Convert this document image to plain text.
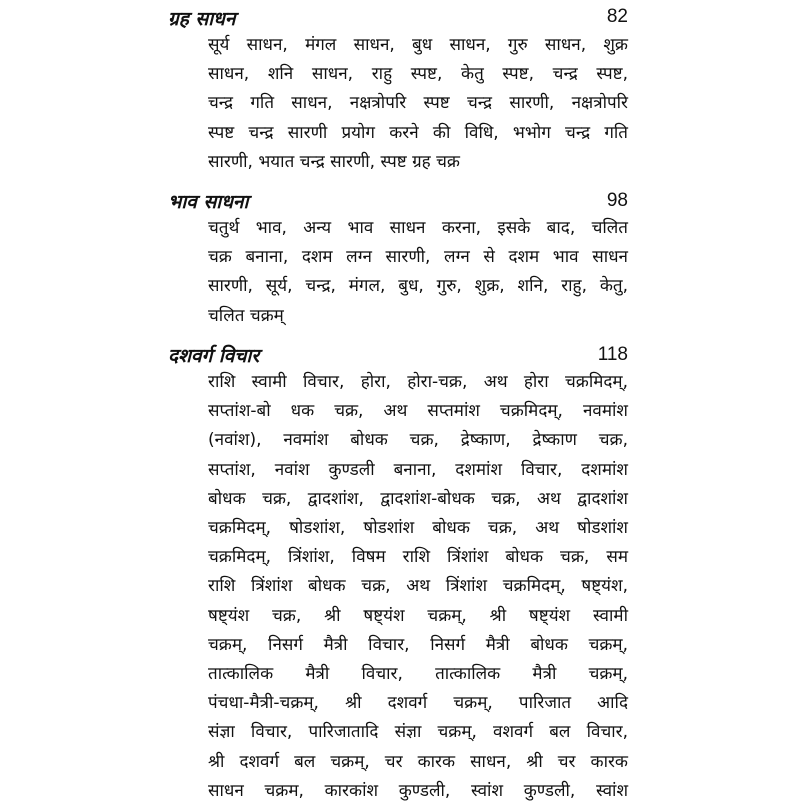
ग्रह साधन	82
सूर्य साधन, मंगल साधन, बुध साधन, गुरु साधन, शुक्र
साधन, शनि साधन, राहु स्पष्ट, केतु स्पष्ट, चन्द्र स्पष्ट,
चन्द्र गति साधन, नक्षत्रोपरि स्पष्ट चन्द्र सारणी, नक्षत्रोपरि
स्पष्ट चन्द्र सारणी प्रयोग करने की विधि, भभोग चन्द्र गति
सारणी, भयात चन्द्र सारणी, स्पष्ट ग्रह चक्र
भाव साधना	98
चतुर्थ भाव, अन्य भाव साधन करना, इसके बाद, चलित
चक्र बनाना, दशम लग्न सारणी, लग्न से दशम भाव साधन
सारणी, सूर्य, चन्द्र, मंगल, बुध, गुरु, शुक्र, शनि, राहु, केतु,
चलित चक्रम्
दशवर्ग विचार	118
राशि स्वामी विचार, होरा, होरा-चक्र, अथ होरा चक्रमिदम्,
सप्तांश-बो धक चक्र, अथ सप्तमांश चक्रमिदम्, नवमांश
(नवांश), नवमांश बोधक चक्र, द्रेष्काण, द्रेष्काण चक्र,
सप्तांश, नवांश कुण्डली बनाना, दशमांश विचार, दशमांश
बोधक चक्र, द्वादशांश, द्वादशांश-बोधक चक्र, अथ द्वादशांश
चक्रमिदम्, षोडशांश, षोडशांश बोधक चक्र, अथ षोडशांश
चक्रमिदम्, त्रिंशांश, विषम राशि त्रिंशांश बोधक चक्र, सम
राशि त्रिंशांश बोधक चक्र, अथ त्रिंशांश चक्रमिदम्, षष्ट्यंश,
षष्ट्यंश चक्र, श्री षष्ट्यंश चक्रम्, श्री षष्ट्यंश स्वामी
चक्रम्, निसर्ग मैत्री विचार, निसर्ग मैत्री बोधक चक्रम्,
तात्कालिक मैत्री विचार, तात्कालिक मैत्री चक्रम्,
पंचधा-मैत्री-चक्रम्, श्री दशवर्ग चक्रम्, पारिजात आदि
संज्ञा विचार, पारिजातादि संज्ञा चक्रम्, वशवर्ग बल विचार,
श्री दशवर्ग बल चक्रम्, चर कारक साधन, श्री चर कारक
साधन चक्रम, कारकांश कुण्डली, स्वांश कुण्डली, स्वांश
